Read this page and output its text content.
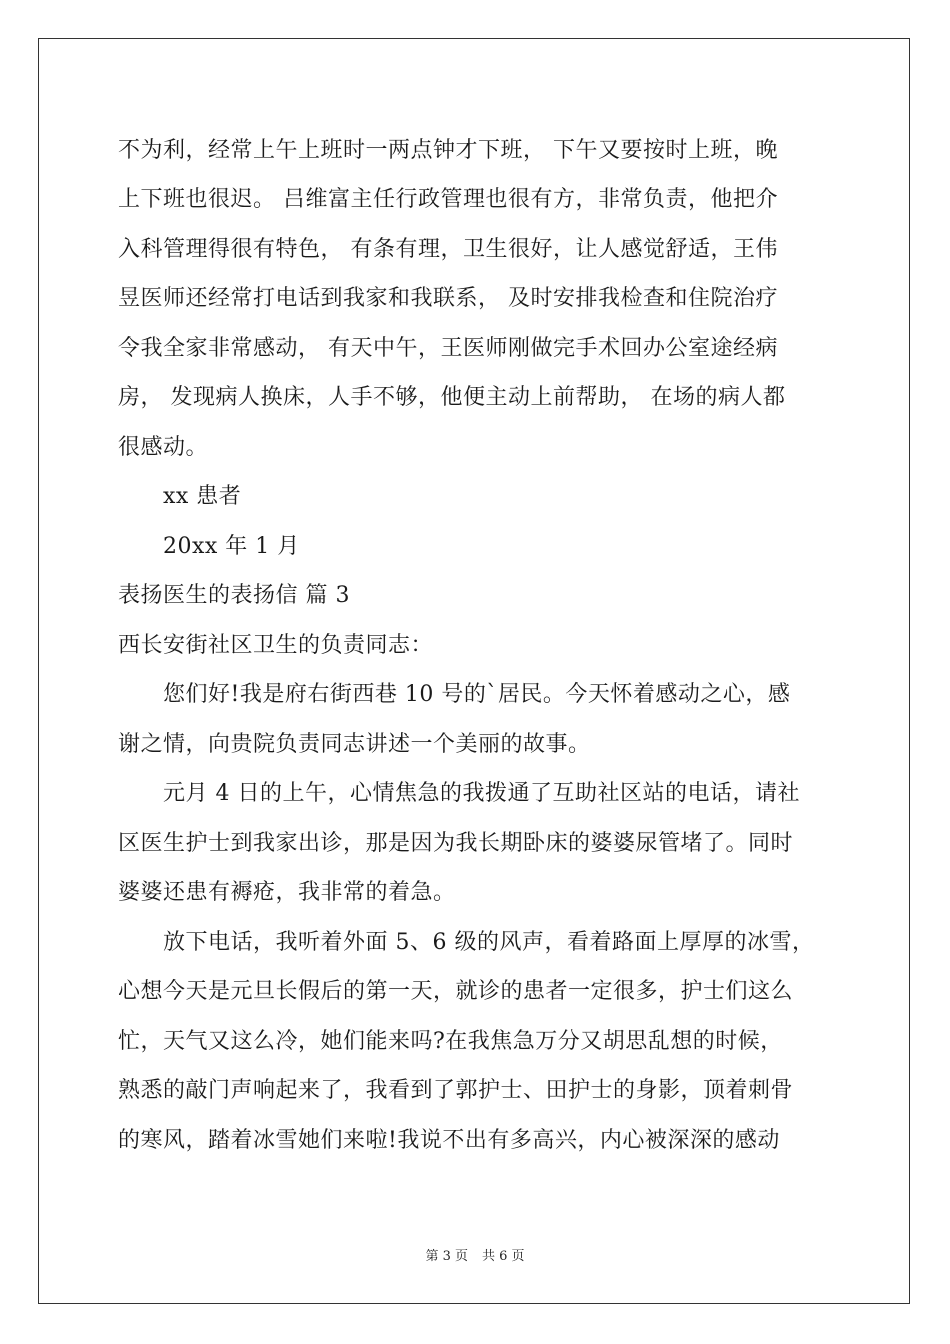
不为利，经常上午上班时一两点钟才下班， 下午又要按时上班，晚
上下班也很迟。 吕维富主任行政管理也很有方，非常负责，他把介
入科管理得很有特色， 有条有理，卫生很好，让人感觉舒适，王伟
昱医师还经常打电话到我家和我联系， 及时安排我检查和住院治疗
令我全家非常感动， 有天中午，王医师刚做完手术回办公室途经病
房， 发现病人换床，人手不够，他便主动上前帮助， 在场的病人都
很感动。
xx 患者
20xx 年 1 月
表扬医生的表扬信 篇 3
西长安街社区卫生的负责同志：
您们好!我是府右街西巷 10 号的`居民。今天怀着感动之心，感
谢之情，向贵院负责同志讲述一个美丽的故事。
元月 4 日的上午，心情焦急的我拨通了互助社区站的电话，请社
区医生护士到我家出诊，那是因为我长期卧床的婆婆尿管堵了。同时
婆婆还患有褥疮，我非常的着急。
放下电话，我听着外面 5、6 级的风声，看着路面上厚厚的冰雪，
心想今天是元旦长假后的第一天，就诊的患者一定很多，护士们这么
忙，天气又这么冷，她们能来吗?在我焦急万分又胡思乱想的时候，
熟悉的敲门声响起来了，我看到了郭护士、田护士的身影，顶着刺骨
的寒风，踏着冰雪她们来啦!我说不出有多高兴，内心被深深的感动
第 3 页 共 6 页
